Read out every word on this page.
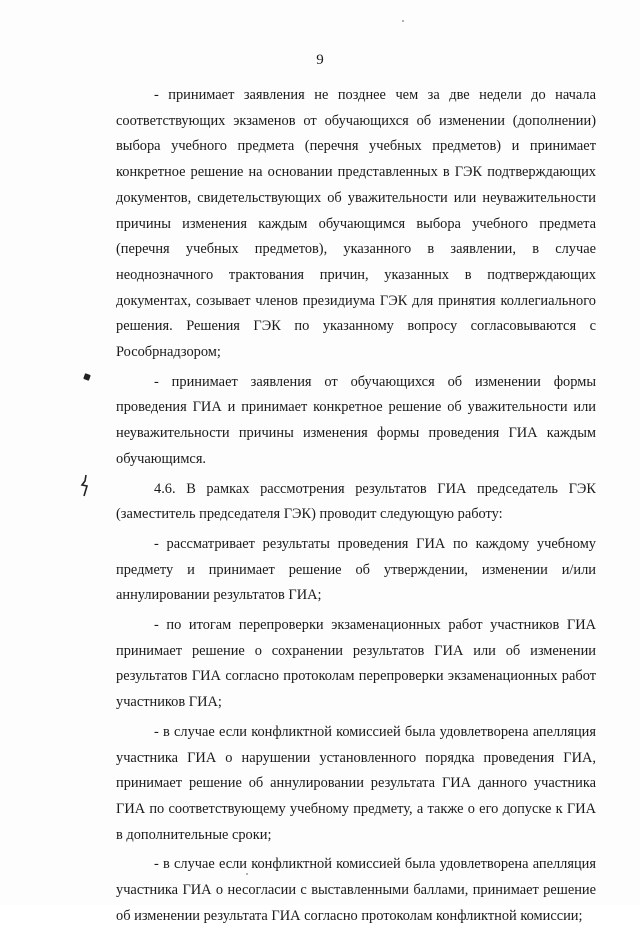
9

- принимает заявления не позднее чем за две недели до начала соответствующих экзаменов от обучающихся об изменении (дополнении) выбора учебного предмета (перечня учебных предметов) и принимает конкретное решение на основании представленных в ГЭК подтверждающих документов, свидетельствующих об уважительности или неуважительности причины изменения каждым обучающимся выбора учебного предмета (перечня учебных предметов), указанного в заявлении, в случае неоднозначного трактования причин, указанных в подтверждающих документах, созывает членов президиума ГЭК для принятия коллегиального решения. Решения ГЭК по указанному вопросу согласовываются с Рособрнадзором;

- принимает заявления от обучающихся об изменении формы проведения ГИА и принимает конкретное решение об уважительности или неуважительности причины изменения формы проведения ГИА каждым обучающимся.

4.6. В рамках рассмотрения результатов ГИА председатель ГЭК (заместитель председателя ГЭК) проводит следующую работу:

- рассматривает результаты проведения ГИА по каждому учебному предмету и принимает решение об утверждении, изменении и/или аннулировании результатов ГИА;

- по итогам перепроверки экзаменационных работ участников ГИА принимает решение о сохранении результатов ГИА или об изменении результатов ГИА согласно протоколам перепроверки экзаменационных работ участников ГИА;

- в случае если конфликтной комиссией была удовлетворена апелляция участника ГИА о нарушении установленного порядка проведения ГИА, принимает решение об аннулировании результата ГИА данного участника ГИА по соответствующему учебному предмету, а также о его допуске к ГИА в дополнительные сроки;

- в случае если конфликтной комиссией была удовлетворена апелляция участника ГИА о несогласии с выставленными баллами, принимает решение об изменении результата ГИА согласно протоколам конфликтной комиссии;
